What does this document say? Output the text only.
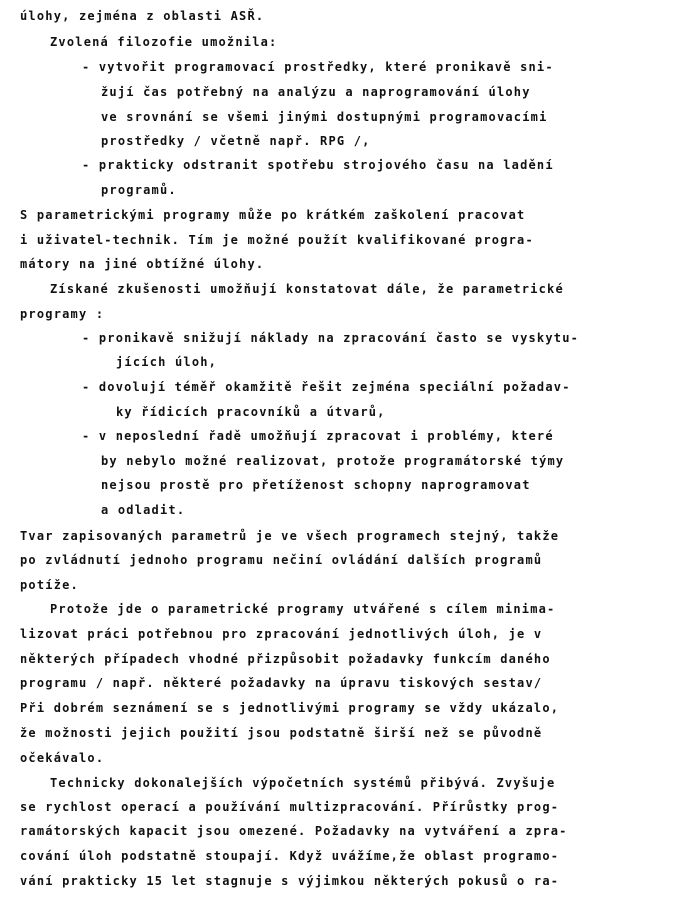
úlohy, zejména z oblasti ASŘ.
Zvolená filozofie umožnila:
- vytvořit programovací prostředky, které pronikavě sni-
žují čas potřebný na analýzu a naprogramování úlohy
ve srovnání se všemi jinými dostupnými programovacími
prostředky / včetně např. RPG /,
- prakticky odstranit spotřebu strojového času na ladění
programů.
S parametrickými programy může po krátkém zaškolení pracovat
i uživatel-technik. Tím je možné použít kvalifikované progra-
mátory na jiné obtížné úlohy.
Získané zkušenosti umožňují konstatovat dále, že parametrické
programy :
- pronikavě snižují náklady na zpracování často se vyskytu-
jících úloh,
- dovolují téměř okamžitě řešit zejména speciální požadav-
ky řídicích pracovníků a útvarů,
- v neposlední řadě umožňují zpracovat i problémy, které
by nebylo možné realizovat, protože programátorské týmy
nejsou prostě pro přetíženost schopny naprogramovat
a odladit.
Tvar zapisovaných parametrů je ve všech programech stejný, takže
po zvládnutí jednoho programu nečiní ovládání dalších programů
potíže.
Protože jde o parametrické programy utvářené s cílem minima-
lizovat práci potřebnou pro zpracování jednotlivých úloh, je v
některých případech vhodné přizpůsobit požadavky funkcím daného
programu / např. některé požadavky na úpravu tiskových sestav/
Při dobrém seznámení se s jednotlivými programy se vždy ukázalo,
že možnosti jejich použití jsou podstatně širší než se původně
očekávalo.
Technicky dokonalejších výpočetních systémů přibývá. Zvyšuje
se rychlost operací a používání multizpracování. Přírůstky prog-
ramátorských kapacit jsou omezené. Požadavky na vytváření a zpra-
cování úloh podstatně stoupají. Když uvážíme,že oblast programo-
vání prakticky 15 let stagnuje s výjimkou některých pokusů o ra-
